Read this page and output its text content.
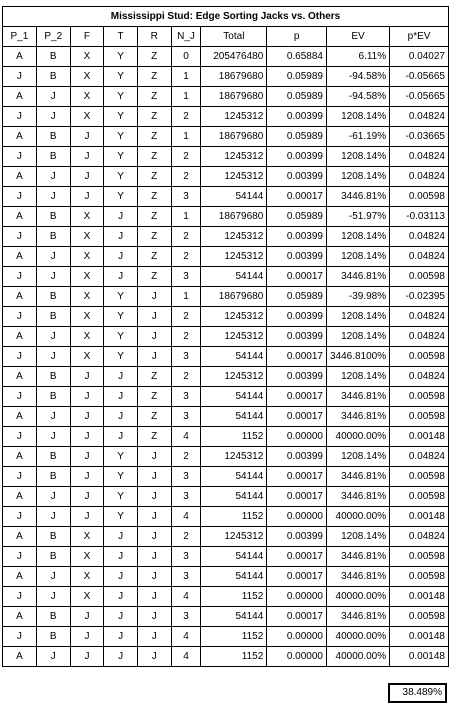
Mississippi Stud: Edge Sorting Jacks vs. Others									
P_1	P_2	F	T	R	N_J	Total	p	EV	p*EV
A	B	X	Y	Z	0	205476480	0.65884	6.11%	0.04027
J	B	X	Y	Z	1	18679680	0.05989	-94.58%	-0.05665
A	J	X	Y	Z	1	18679680	0.05989	-94.58%	-0.05665
J	J	X	Y	Z	2	1245312	0.00399	1208.14%	0.04824
A	B	J	Y	Z	1	18679680	0.05989	-61.19%	-0.03665
J	B	J	Y	Z	2	1245312	0.00399	1208.14%	0.04824
A	J	J	Y	Z	2	1245312	0.00399	1208.14%	0.04824
J	J	J	Y	Z	3	54144	0.00017	3446.81%	0.00598
A	B	X	J	Z	1	18679680	0.05989	-51.97%	-0.03113
J	B	X	J	Z	2	1245312	0.00399	1208.14%	0.04824
A	J	X	J	Z	2	1245312	0.00399	1208.14%	0.04824
J	J	X	J	Z	3	54144	0.00017	3446.81%	0.00598
A	B	X	Y	J	1	18679680	0.05989	-39.98%	-0.02395
J	B	X	Y	J	2	1245312	0.00399	1208.14%	0.04824
A	J	X	Y	J	2	1245312	0.00399	1208.14%	0.04824
J	J	X	Y	J	3	54144	0.00017	3446.8100%	0.00598
A	B	J	J	Z	2	1245312	0.00399	1208.14%	0.04824
J	B	J	J	Z	3	54144	0.00017	3446.81%	0.00598
A	J	J	J	Z	3	54144	0.00017	3446.81%	0.00598
J	J	J	J	Z	4	1152	0.00000	40000.00%	0.00148
A	B	J	Y	J	2	1245312	0.00399	1208.14%	0.04824
J	B	J	Y	J	3	54144	0.00017	3446.81%	0.00598
A	J	J	Y	J	3	54144	0.00017	3446.81%	0.00598
J	J	J	Y	J	4	1152	0.00000	40000.00%	0.00148
A	B	X	J	J	2	1245312	0.00399	1208.14%	0.04824
J	B	X	J	J	3	54144	0.00017	3446.81%	0.00598
A	J	X	J	J	3	54144	0.00017	3446.81%	0.00598
J	J	X	J	J	4	1152	0.00000	40000.00%	0.00148
A	B	J	J	J	3	54144	0.00017	3446.81%	0.00598
J	B	J	J	J	4	1152	0.00000	40000.00%	0.00148
A	J	J	J	J	4	1152	0.00000	40000.00%	0.00148
38.489%
